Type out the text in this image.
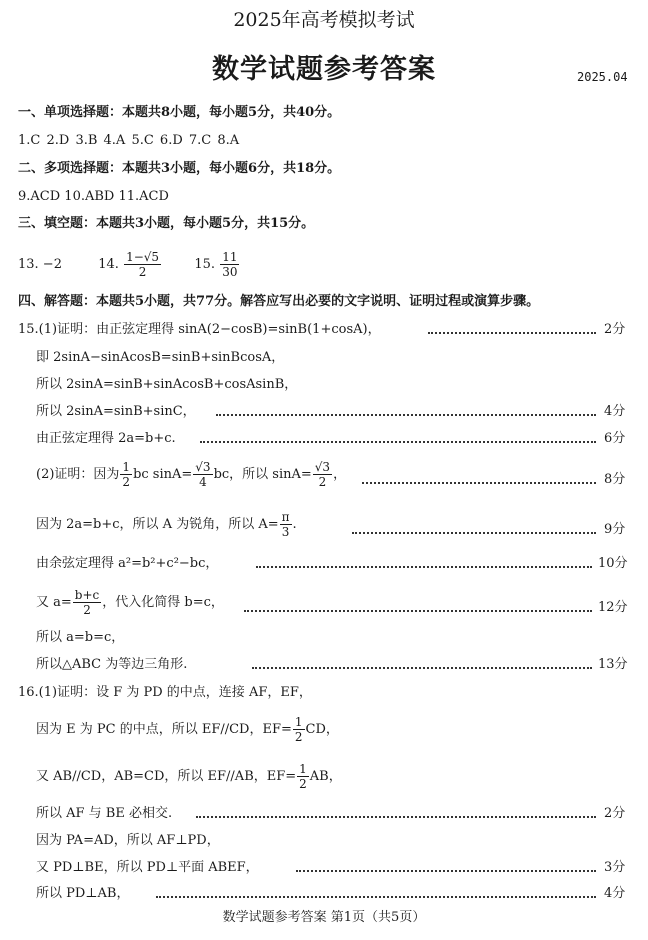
2025年高考模拟考试
数学试题参考答案	2025.04
一、单项选择题：本题共8小题，每小题5分，共40分。
1.C 2.D 3.B 4.A 5.C 6.D 7.C 8.A
二、多项选择题：本题共3小题，每小题6分，共18分。
9.ACD 10.ABD 11.ACD
三、填空题：本题共3小题，每小题5分，共15分。
13. −2	14. $\frac{1-√5}{2}$	15. $\frac{11}{30}$
四、解答题：本题共5小题，共77分。解答应写出必要的文字说明、证明过程或演算步骤。
15.(1)证明：由正弦定理得 sinA(2−cosB)=sinB(1+cosA)，	2分
即 2sinA−sinAcosB=sinB+sinBcosA，
所以 2sinA=sinB+sinAcosB+cosAsinB，
所以 2sinA=sinB+sinC，	4分
由正弦定理得 2a=b+c.	6分
(2)证明：因为 $\frac{1}{2}$ bc $\sin A= \frac{√3}{4}$ bc，所以 $\sin A= \frac{√3}{2}$ ，	8分
因为 2a=b+c，所以 A 为锐角，所以 $A= \frac{\pi}{3}$ .	9分
由余弦定理得 a²=b²+c²−bc，	10分
又 $a= \frac{b+c}{2}$ ，代入化简得 b=c，	12分
所以 a=b=c，
所以△ABC 为等边三角形.	13分
16.(1)证明：设 F 为 PD 的中点，连接 AF，EF，
因为 E 为 PC 的中点，所以 EF//CD，$EF= \frac{1}{2}$ CD，
又 AB//CD，AB=CD，所以 EF//AB，$EF= \frac{1}{2}$ AB，
所以 AF 与 BE 必相交.	2分
因为 PA=AD，所以 AF⊥PD，
又 PD⊥BE，所以 PD⊥平面 ABEF，	3分
所以 PD⊥AB，	4分
数学试题参考答案 第1页（共5页）
